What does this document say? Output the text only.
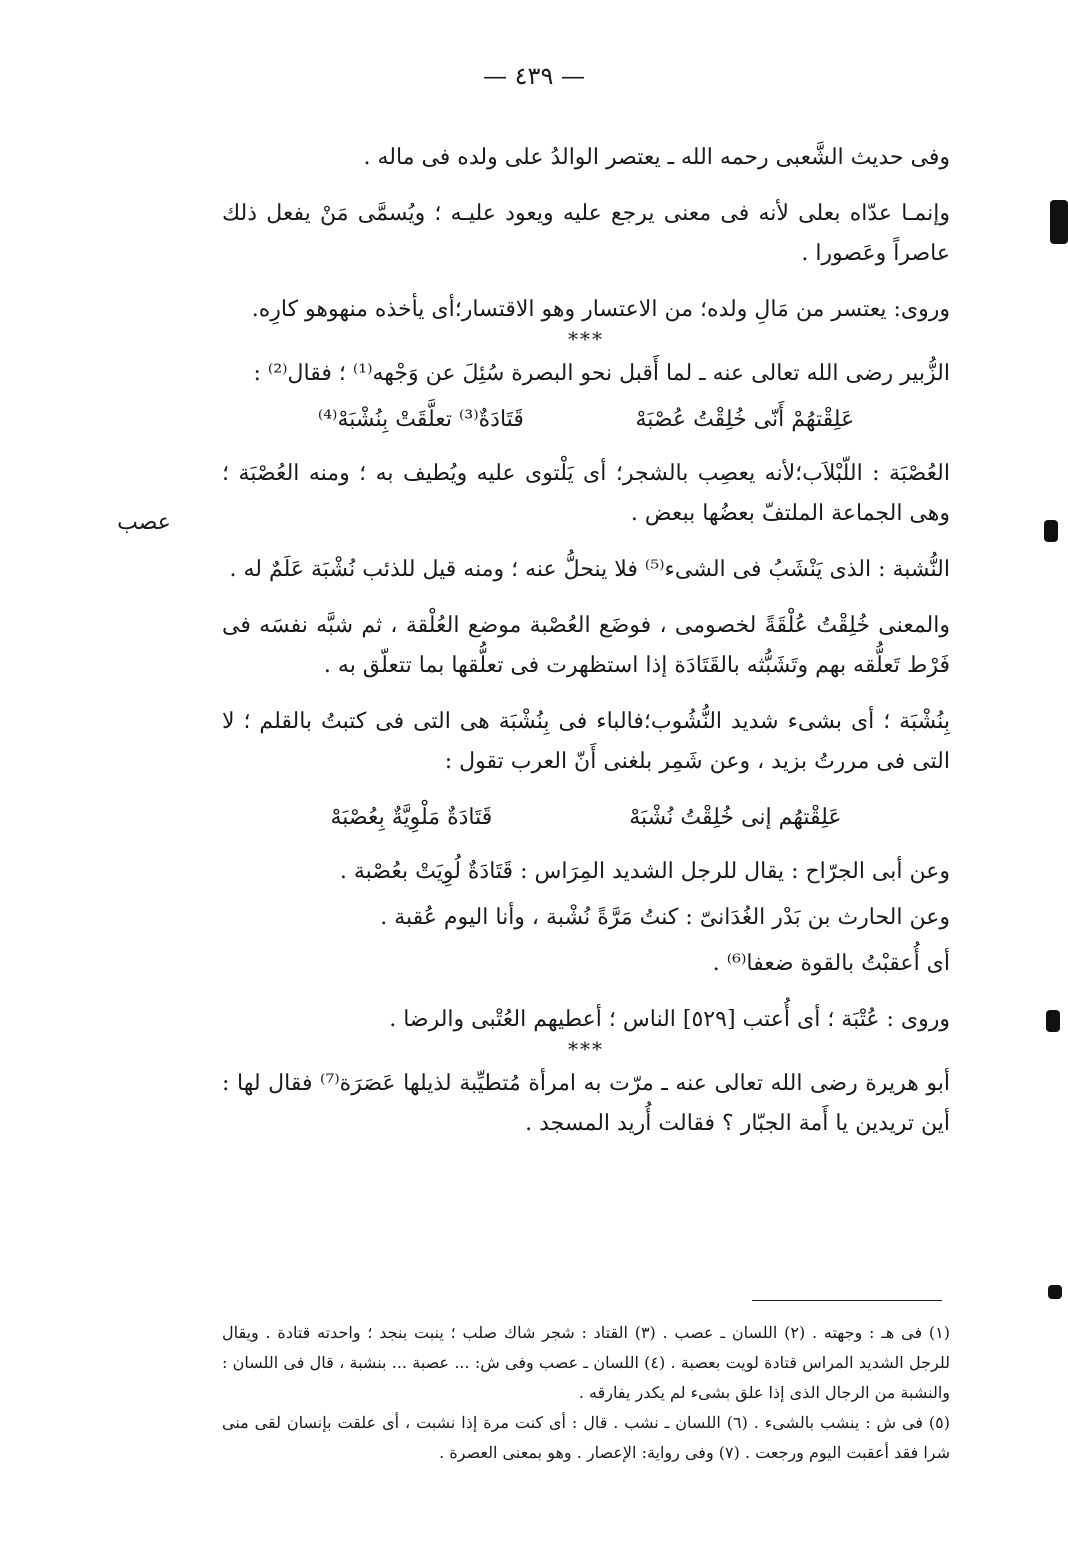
— ٤٣٩ —
عصب

وفى حديث الشَّعبى رحمه الله ـ يعتصر الوالدُ على ولده فى ماله .

وإنمـا عدّاه بعلى لأنه فى معنى يرجع عليه ويعود عليـه ؛ ويُسمَّى مَنْ يفعل ذلك عاصراً وعَصورا .

وروى: يعتسر من مَالِ ولده؛ من الاعتسار وهو الاقتسار؛أى يأخذه منهوهو كارِه.

***

الزُّبير رضى الله تعالى عنه ـ لما أَقبل نحو البصرة سُئِلَ عن وَجْهه⁽¹⁾ ؛ فقال⁽²⁾ :

عَلِقْتهُمْ أَنّى خُلِقْتُ عُصْبَهْ
قَتَادَةٌ⁽³⁾ تعلَّقَتْ بِنُشْبَهْ⁽⁴⁾

العُصْبَة : اللّبْلاَب؛لأنه يعصِب بالشجر؛ أى يَلْتوى عليه ويُطيف به ؛ ومنه العُصْبَة ؛ وهى الجماعة الملتفّ بعضُها ببعض .

النُّشبة : الذى يَنْشَبُ فى الشىء⁽⁵⁾ فلا ينحلُّ عنه ؛ ومنه قيل للذئب نُشْبَة عَلَمٌ له .

والمعنى خُلِقْتُ عُلْقَةً لخصومى ، فوضَع العُصْبة موضع العُلْقة ، ثم شبَّه نفسَه فى فَرْط تَعلُّقه بهم وتَشَبُّثه بالقَتَادَة إذا استظهرت فى تعلُّقها بما تتعلّق به .

بِنُشْبَة ؛ أى بشىء شديد النُّشُوب؛فالباء فى بِنُشْبَة هى التى فى كتبتُ بالقلم ؛ لا التى فى مررتُ بزيد ، وعن شَمِر بلغنى أَنّ العرب تقول :

عَلِقْتهُم إنى خُلِقْتُ نُشْبَهْ
قَتَادَةٌ مَلْوِيَّةٌ بِعُصْبَهْ

وعن أبى الجرّاح : يقال للرجل الشديد المِرَاس : قَتَادَةٌ لُوِيَتْ بعُصْبة .

وعن الحارث بن بَدْر الغُدَانىّ : كنتُ مَرَّةً نُشْبة ، وأنا اليوم عُقبة .

أى أُعقبْتُ بالقوة ضعفا⁽⁶⁾ .

وروى : عُتْبَة ؛ أى أُعتب [٥٢٩] الناس ؛ أعطيهم العُتْبى والرضا .

***

أبو هريرة رضى الله تعالى عنه ـ مرّت به امرأة مُتطيِّبة لذيلها عَصَرَة⁽⁷⁾ فقال لها : أين تريدين يا أَمة الجبّار ؟ فقالت أُريد المسجد .

(١) فى هـ : وجهته . (٢) اللسان ـ عصب . (٣) القتاد : شجر شاك صلب ؛ ينبت بنجد ؛ واحدته قتادة . ويقال للرجل الشديد المراس قتادة لويت بعصبة . (٤) اللسان ـ عصب وفى ش: ... عصبة ... بنشبة ، قال فى اللسان : والنشبة من الرجال الذى إذا علق بشىء لم يكدر يفارقه .

(٥) فى ش : ينشب بالشىء . (٦) اللسان ـ نشب . قال : أى كنت مرة إذا نشبت ، أى علقت بإنسان لقى منى شرا فقد أعقبت اليوم ورجعت . (٧) وفى رواية: الإعصار . وهو بمعنى العصرة .
